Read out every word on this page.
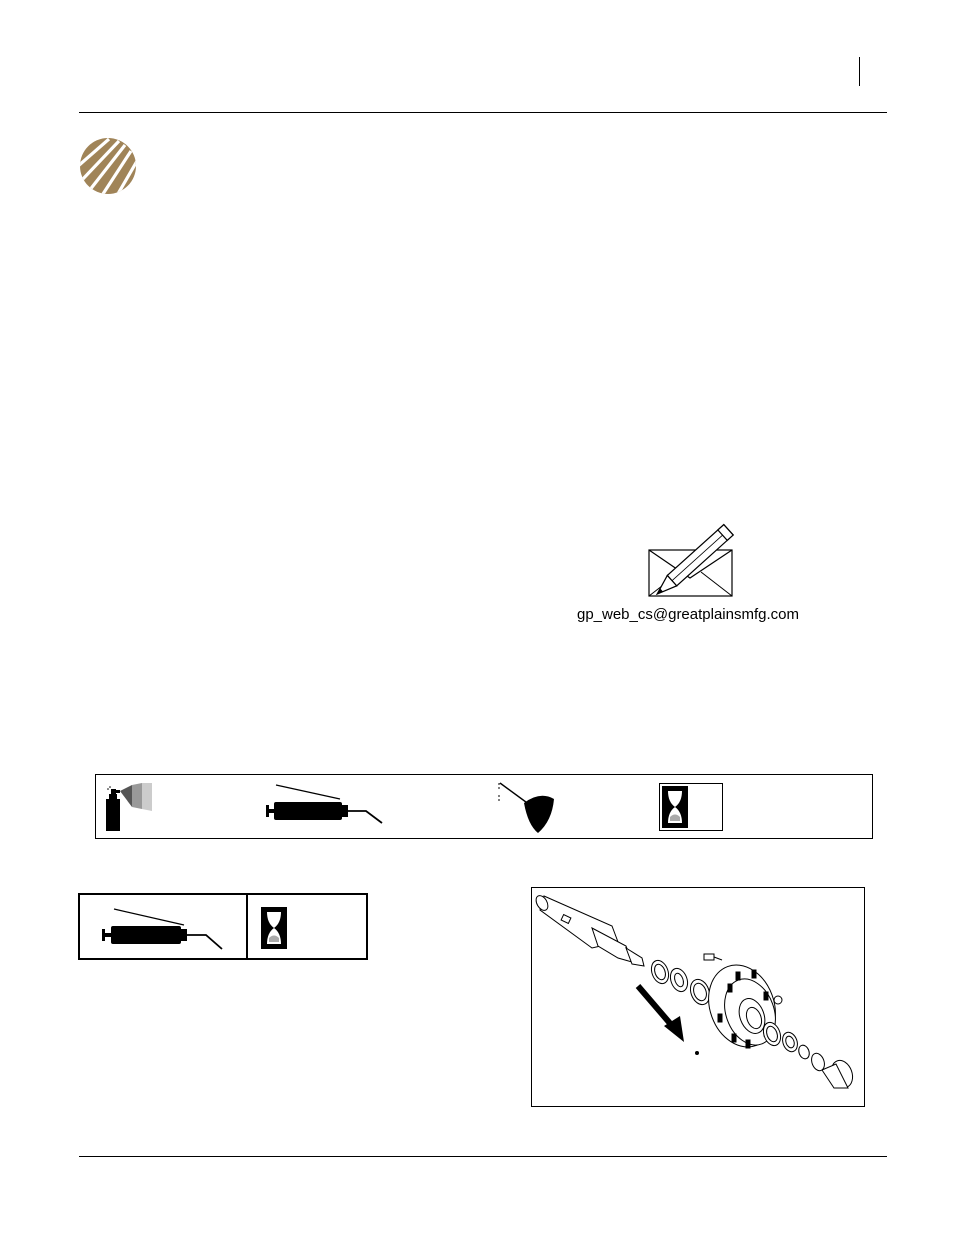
gp_web_cs@greatplainsmfg.com
